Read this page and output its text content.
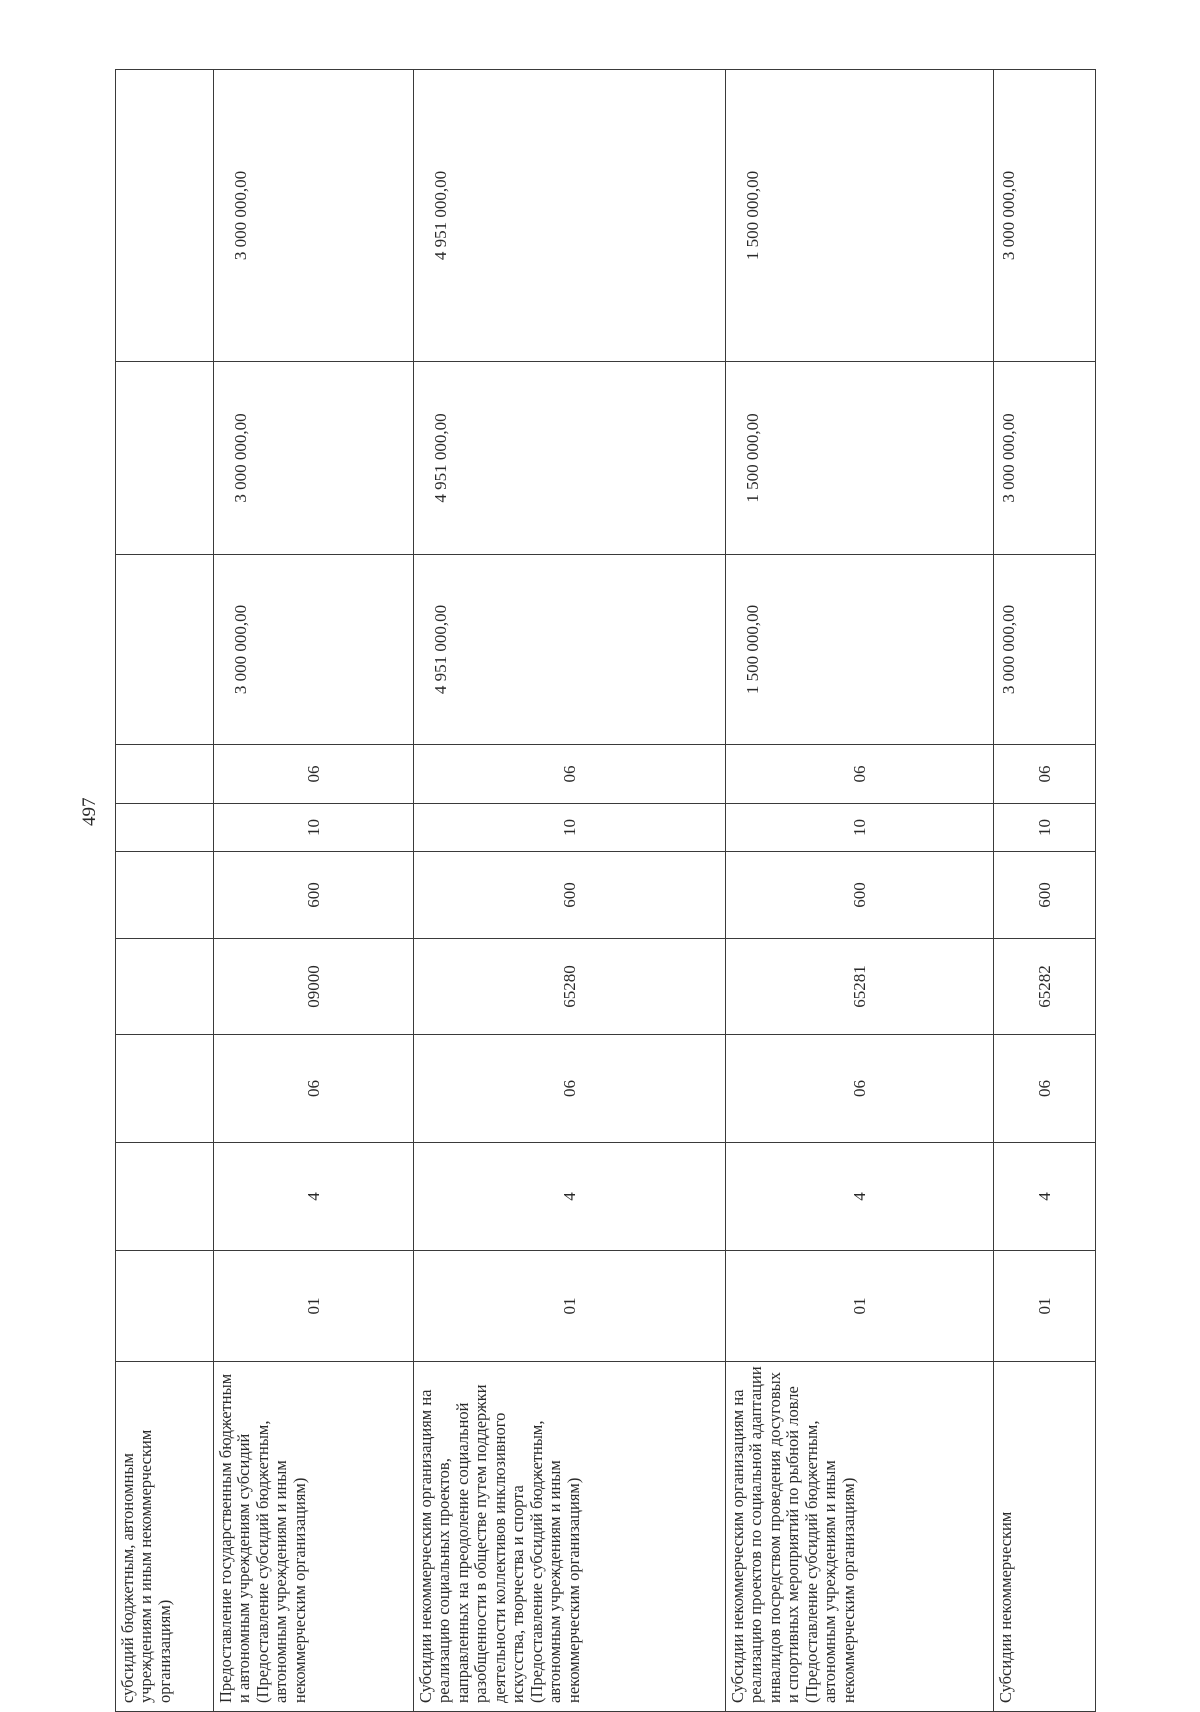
497
субсидий бюджетным, автономным учреждениям и иным некоммерческим организациям)										
Предоставление государственным бюджетным и автономным учреждениям субсидий (Предоставление субсидий бюджетным, автономным учреждениям и иным некоммерческим организациям)	01	4	06	09000	600	10	06	3 000 000,00	3 000 000,00	3 000 000,00
Субсидии некоммерческим организациям на реализацию социальных проектов, направленных на преодоление социальной разобщенности в обществе путем поддержки деятельности коллективов инклюзивного искусства, творчества и спорта (Предоставление субсидий бюджетным, автономным учреждениям и иным некоммерческим организациям)	01	4	06	65280	600	10	06	4 951 000,00	4 951 000,00	4 951 000,00
Субсидии некоммерческим организациям на реализацию проектов по социальной адаптации инвалидов посредством проведения досуговых и спортивных мероприятий по рыбной ловле (Предоставление субсидий бюджетным, автономным учреждениям и иным некоммерческим организациям)	01	4	06	65281	600	10	06	1 500 000,00	1 500 000,00	1 500 000,00
Субсидии некоммерческим	01	4	06	65282	600	10	06	3 000 000,00	3 000 000,00	3 000 000,00
